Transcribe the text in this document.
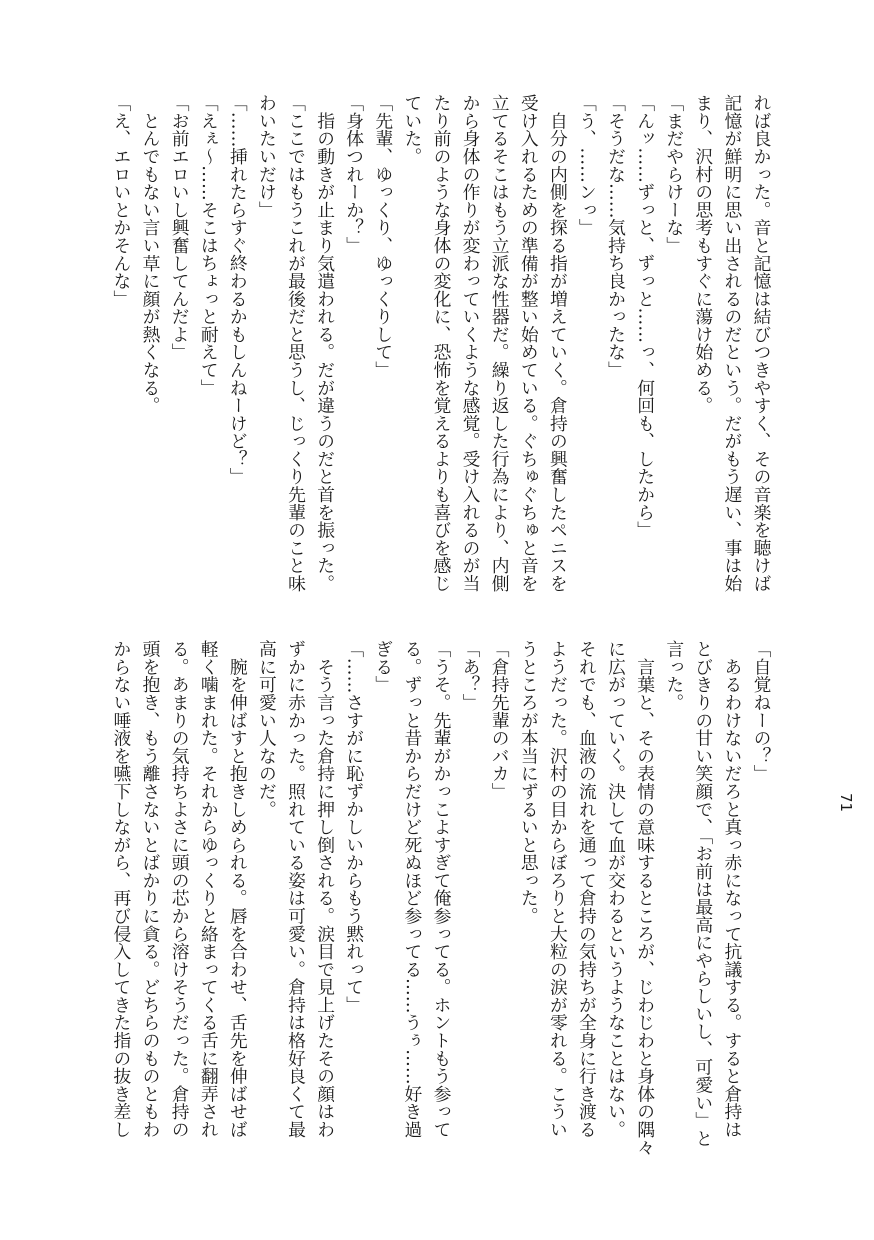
れば良かった。音と記憶は結びつきやすく、その音楽を聴けば
記憶が鮮明に思い出されるのだという。だがもう遅い、事は始
まり、沢村の思考もすぐに蕩け始める。
「まだやらけーな」
「んッ……ずっと、ずっと……っ、何回も、したから」
「そうだな……気持ち良かったな」
「う、……ンっ」
　自分の内側を探る指が増えていく。倉持の興奮したペニスを
受け入れるための準備が整い始めている。ぐちゅぐちゅと音を
立てるそこはもう立派な性器だ。繰り返した行為により、内側
から身体の作りが変わっていくような感覚。受け入れるのが当
たり前のような身体の変化に、恐怖を覚えるよりも喜びを感じ
ていた。
「先輩、ゆっくり、ゆっくりして」
「身体つれーか？」
　指の動きが止まり気遣われる。だが違うのだと首を振った。
「ここではもうこれが最後だと思うし、じっくり先輩のこと味
わいたいだけ」
「……挿れたらすぐ終わるかもしんねーけど？」
「えぇ～……そこはちょっと耐えて」
「お前エロいし興奮してんだよ」
　とんでもない言い草に顔が熱くなる。
「え、エロいとかそんな」
「自覚ねーの？」
　あるわけないだろと真っ赤になって抗議する。すると倉持は
とびきりの甘い笑顔で、「お前は最高にやらしいし、可愛い」と
言った。
　言葉と、その表情の意味するところが、じわじわと身体の隅々
に広がっていく。決して血が交わるというようなことはない。
それでも、血液の流れを通って倉持の気持ちが全身に行き渡る
ようだった。沢村の目からぼろりと大粒の涙が零れる。こうい
うところが本当にずるいと思った。
「倉持先輩のバカ」
「あ？」
「うそ。先輩がかっこよすぎて俺参ってる。ホントもう参って
る。ずっと昔からだけど死ぬほど参ってる……うぅ……好き過
ぎる」
「……さすがに恥ずかしいからもう黙れって」
　そう言った倉持に押し倒される。涙目で見上げたその顔はわ
ずかに赤かった。照れている姿は可愛い。倉持は格好良くて最
高に可愛い人なのだ。
　腕を伸ばすと抱きしめられる。唇を合わせ、舌先を伸ばせば
軽く噛まれた。それからゆっくりと絡まってくる舌に翻弄され
る。あまりの気持ちよさに頭の芯から溶けそうだった。倉持の
頭を抱き、もう離さないとばかりに貪る。どちらのものともわ
からない唾液を嚥下しながら、再び侵入してきた指の抜き差し	71
